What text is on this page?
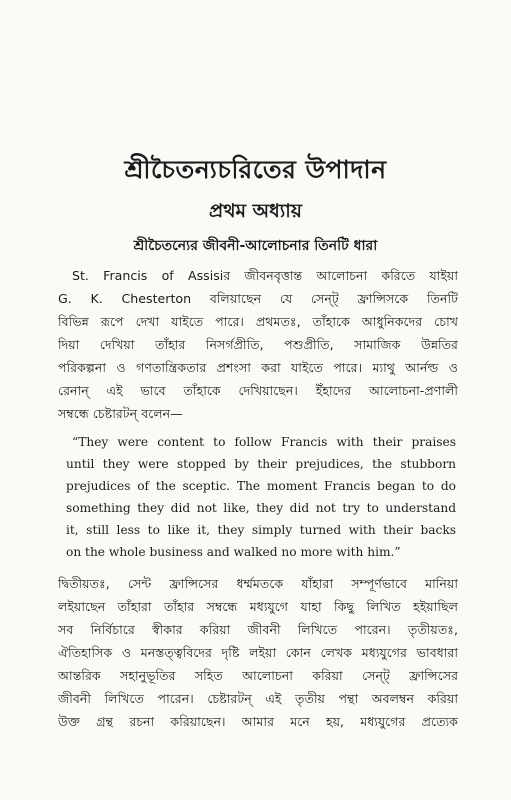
শ্রীচৈতন্যচরিতের উপাদান
প্রথম অধ্যায়
শ্রীচৈতন্যের জীবনী-আলোচনার তিনটি ধারা
St. Francis of Assisiর জীবনবৃত্তান্ত আলোচনা করিতে যাইয়া
G. K. Chesterton বলিয়াছেন যে সেন্ট্ ফ্রান্সিসকে তিনটি
বিভিন্ন রূপে দেখা যাইতে পারে। প্রথমতঃ, তাঁহাকে আধুনিকদের চোখ
দিয়া দেখিয়া তাঁহার নিসর্গপ্রীতি, পশুপ্রীতি, সামাজিক উন্নতির
পরিকল্পনা ও গণতান্ত্রিকতার প্রশংসা করা যাইতে পারে। ম্যাথু আর্নল্ড ও
রেনান্ এই ভাবে তাঁহাকে দেখিয়াছেন। ইঁহাদের আলোচনা-প্রণালী
সম্বন্ধে চেষ্টারটন্ বলেন—
“They were content to follow Francis with their praises
until they were stopped by their prejudices, the stubborn
prejudices of the sceptic. The moment Francis began to do
something they did not like, they did not try to understand
it, still less to like it, they simply turned with their backs
on the whole business and walked no more with him.”
দ্বিতীয়তঃ, সেন্ট ফ্রান্সিসের ধর্ম্মমতকে যাঁহারা সম্পূর্ণভাবে মানিয়া
লইয়াছেন তাঁহারা তাঁহার সম্বন্ধে মধ্যযুগে যাহা কিছু লিখিত হইয়াছিল
সব নির্বিচারে স্বীকার করিয়া জীবনী লিখিতে পারেন। তৃতীয়তঃ,
ঐতিহাসিক ও মনস্তত্ত্ববিদের দৃষ্টি লইয়া কোন লেখক মধ্যযুগের ভাবধারা
আন্তরিক সহানুভূতির সহিত আলোচনা করিয়া সেন্ট্ ফ্রান্সিসের
জীবনী লিখিতে পারেন। চেষ্টারটন্ এই তৃতীয় পন্থা অবলম্বন করিয়া
উক্ত গ্রন্থ রচনা করিয়াছেন। আমার মনে হয়, মধ্যযুগের প্রত্যেক
